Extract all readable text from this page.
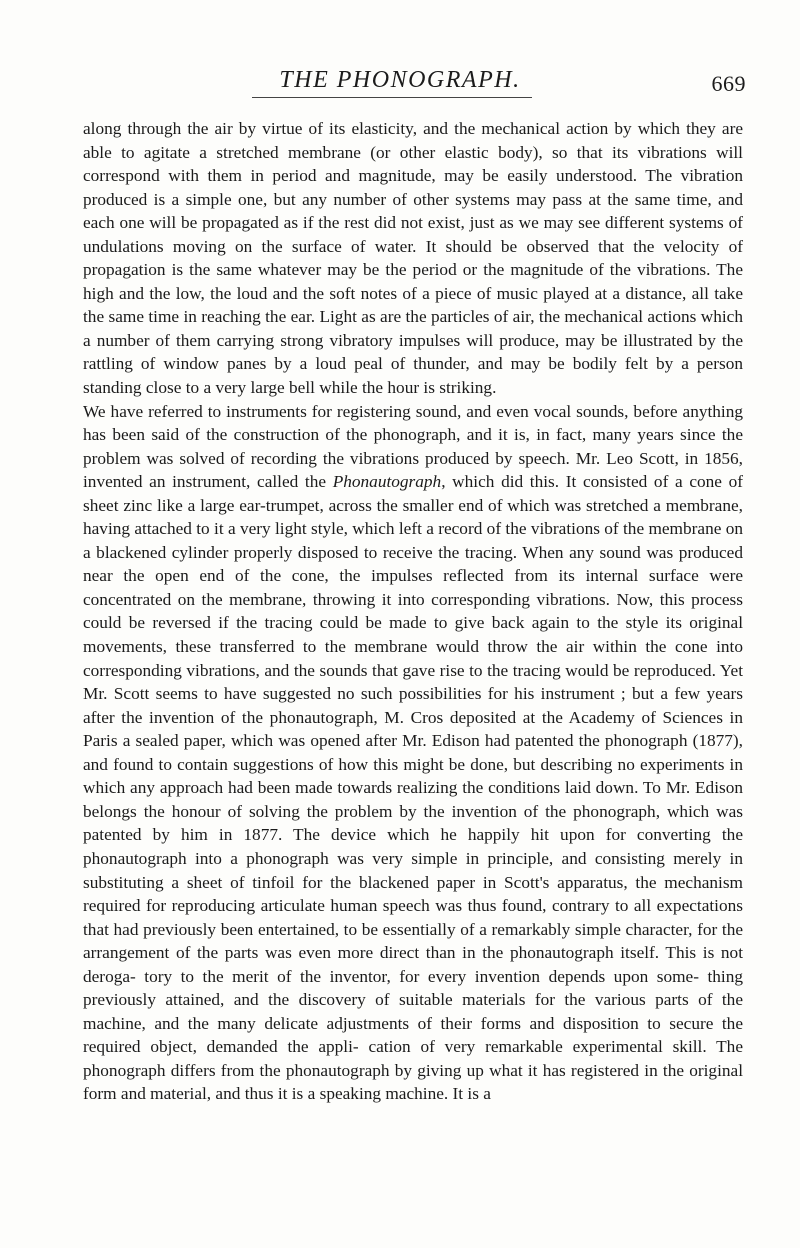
THE PHONOGRAPH.	669

along through the air by virtue of its elasticity, and the mechanical action by which they are able to agitate a stretched membrane (or other elastic body), so that its vibrations will correspond with them in period and magnitude, may be easily understood. The vibration produced is a simple one, but any number of other systems may pass at the same time, and each one will be propagated as if the rest did not exist, just as we may see different systems of undulations moving on the surface of water. It should be observed that the velocity of propagation is the same whatever may be the period or the magnitude of the vibrations. The high and the low, the loud and the soft notes of a piece of music played at a distance, all take the same time in reaching the ear. Light as are the particles of air, the mechanical actions which a number of them carrying strong vibratory impulses will produce, may be illustrated by the rattling of window panes by a loud peal of thunder, and may be bodily felt by a person standing close to a very large bell while the hour is striking.

We have referred to instruments for registering sound, and even vocal sounds, before anything has been said of the construction of the phonograph, and it is, in fact, many years since the problem was solved of recording the vibrations produced by speech. Mr. Leo Scott, in 1856, invented an instrument, called the Phonautograph, which did this. It consisted of a cone of sheet zinc like a large ear-trumpet, across the smaller end of which was stretched a membrane, having attached to it a very light style, which left a record of the vibrations of the membrane on a blackened cylinder properly disposed to receive the tracing. When any sound was produced near the open end of the cone, the impulses reflected from its internal surface were concentrated on the membrane, throwing it into corresponding vibrations. Now, this process could be reversed if the tracing could be made to give back again to the style its original movements, these transferred to the membrane would throw the air within the cone into corresponding vibrations, and the sounds that gave rise to the tracing would be reproduced. Yet Mr. Scott seems to have suggested no such possibilities for his instrument ; but a few years after the invention of the phonautograph, M. Cros deposited at the Academy of Sciences in Paris a sealed paper, which was opened after Mr. Edison had patented the phonograph (1877), and found to contain suggestions of how this might be done, but describing no experiments in which any approach had been made towards realizing the conditions laid down. To Mr. Edison belongs the honour of solving the problem by the invention of the phonograph, which was patented by him in 1877. The device which he happily hit upon for converting the phonautograph into a phonograph was very simple in principle, and consisting merely in substituting a sheet of tinfoil for the blackened paper in Scott's apparatus, the mechanism required for reproducing articulate human speech was thus found, contrary to all expectations that had previously been entertained, to be essentially of a remarkably simple character, for the arrangement of the parts was even more direct than in the phonautograph itself. This is not deroga- tory to the merit of the inventor, for every invention depends upon some- thing previously attained, and the discovery of suitable materials for the various parts of the machine, and the many delicate adjustments of their forms and disposition to secure the required object, demanded the appli- cation of very remarkable experimental skill. The phonograph differs from the phonautograph by giving up what it has registered in the original form and material, and thus it is a speaking machine. It is a
